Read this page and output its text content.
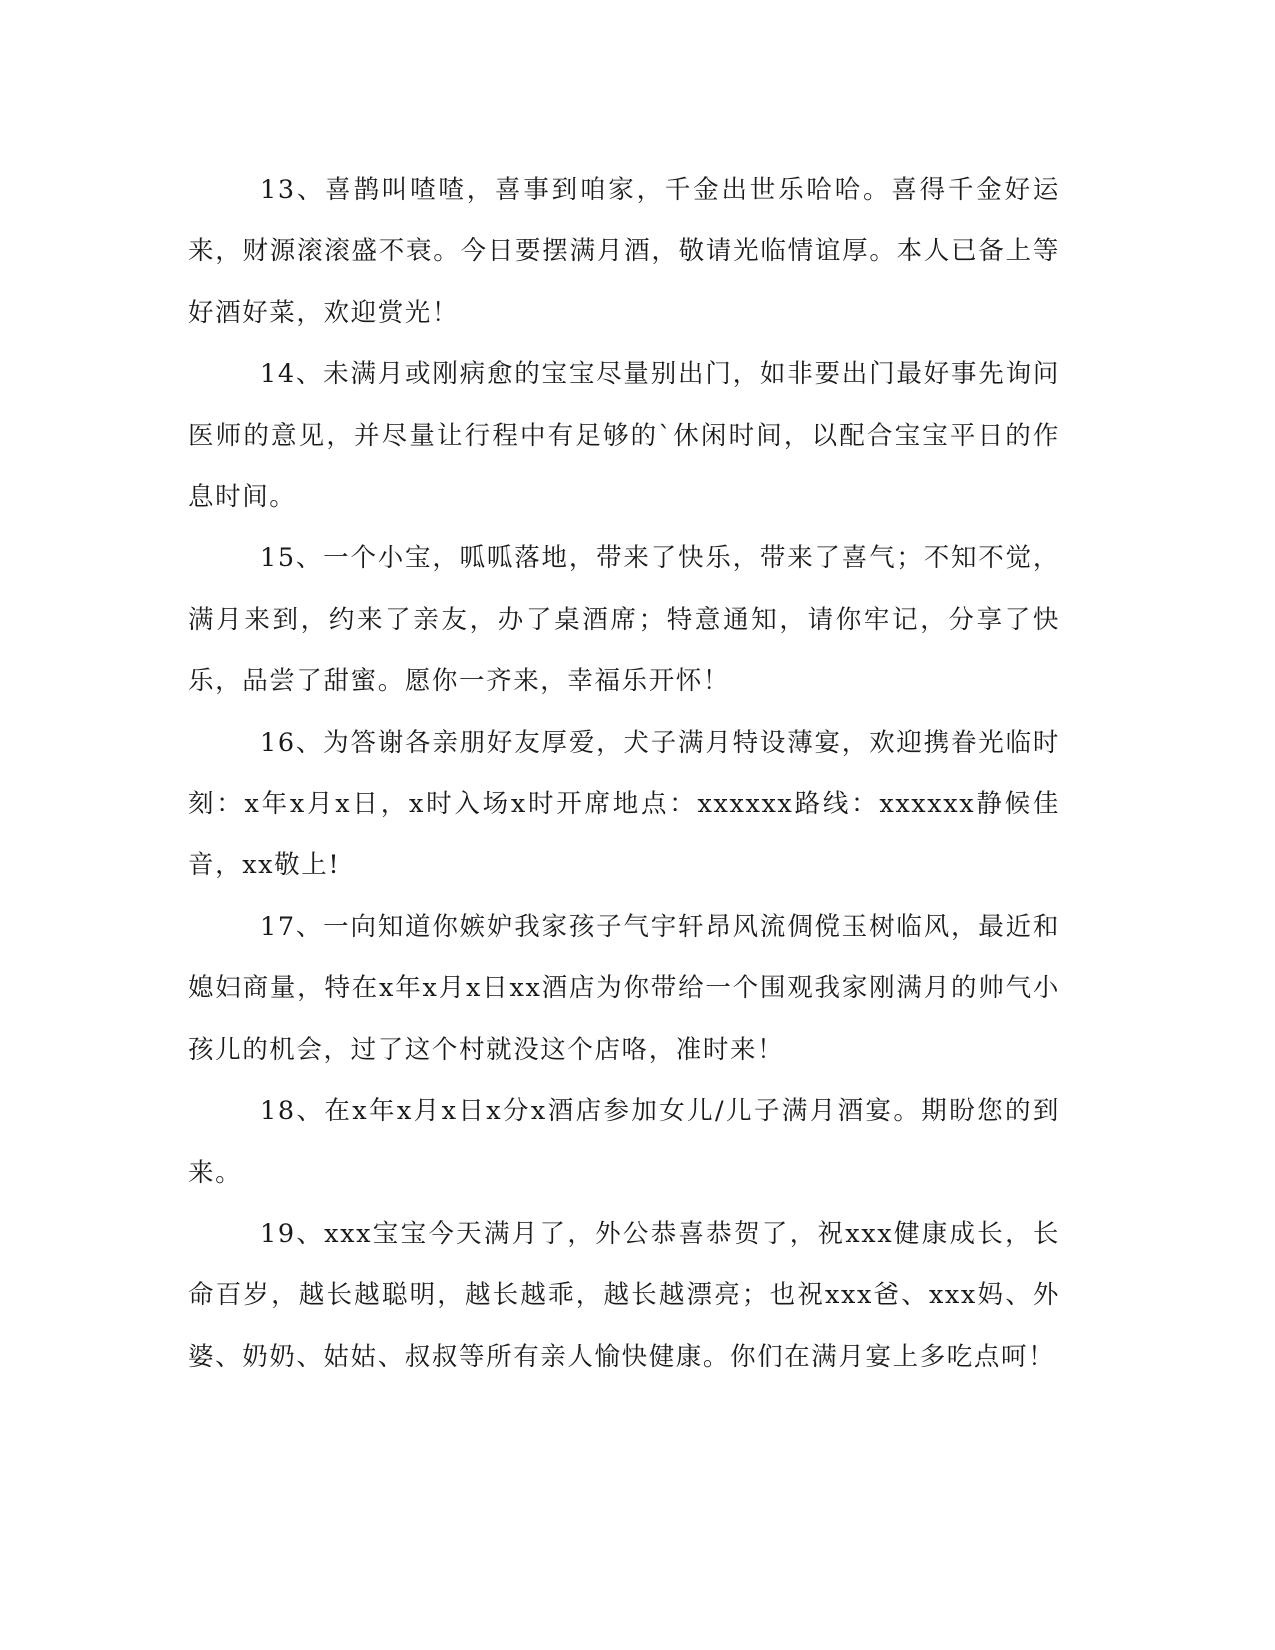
13、喜鹊叫喳喳，喜事到咱家，千金出世乐哈哈。喜得千金好运来，财源滚滚盛不衰。今日要摆满月酒，敬请光临情谊厚。本人已备上等好酒好菜，欢迎赏光！

14、未满月或刚病愈的宝宝尽量别出门，如非要出门最好事先询问医师的意见，并尽量让行程中有足够的`休闲时间，以配合宝宝平日的作息时间。

15、一个小宝，呱呱落地，带来了快乐，带来了喜气；不知不觉，满月来到，约来了亲友，办了桌酒席；特意通知，请你牢记，分享了快乐，品尝了甜蜜。愿你一齐来，幸福乐开怀！

16、为答谢各亲朋好友厚爱，犬子满月特设薄宴，欢迎携眷光临时刻：x年x月x日，x时入场x时开席地点：xxxxxx路线：xxxxxx静候佳音，xx敬上!

17、一向知道你嫉妒我家孩子气宇轩昂风流倜傥玉树临风，最近和媳妇商量，特在x年x月x日xx酒店为你带给一个围观我家刚满月的帅气小孩儿的机会，过了这个村就没这个店咯，准时来！

18、在x年x月x日x分x酒店参加女儿/儿子满月酒宴。期盼您的到来。

19、xxx宝宝今天满月了，外公恭喜恭贺了，祝xxx健康成长，长命百岁，越长越聪明，越长越乖，越长越漂亮；也祝xxx爸、xxx妈、外婆、奶奶、姑姑、叔叔等所有亲人愉快健康。你们在满月宴上多吃点呵！
